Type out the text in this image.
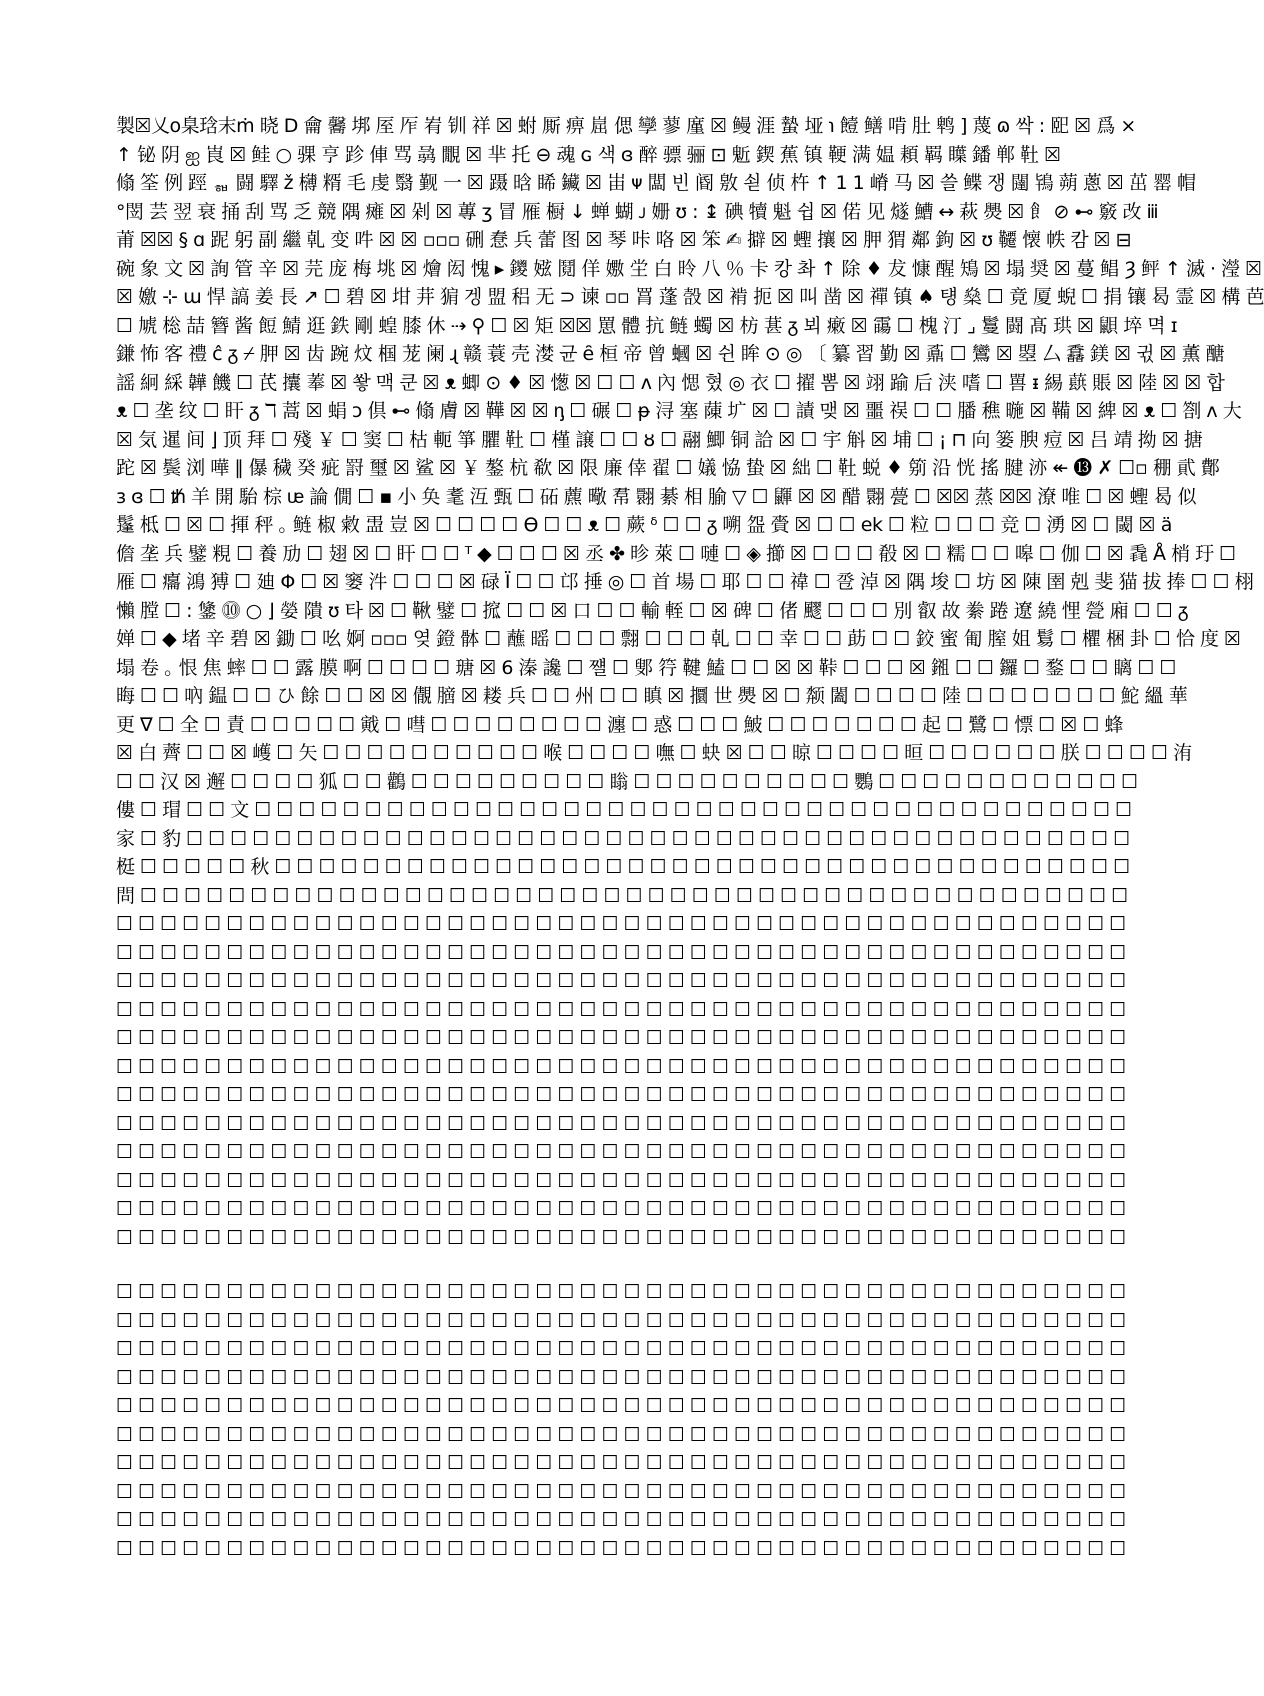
製☒乂o臬琀末ṁ 晓 D 龠 毊 垹 厔 厏 峟 钏 祥 ☒ 蚹 厮 痹 崫 偲 孿 蓼 廑 ☒ 鳗 涯 蟄 垭 ℩ 饐 鳝 啃 肚 鹎 ] 蔑 ɷ 싹 : 巸 ☒ 爲 ×
↑ 铋 阴 ஐ 崀 ☒ 鲑 ○ 骒 亨 跈 俥 骂 骉 覵 ☒ 芈 托 ⊖ 魂 ɢ 색 ɞ 醉 骠 骊 ⊡ 鬿 鍥 蕉 镇 鞕 满 媪 頛 羁 瞸 鐇 郸 靯 ☒
翛 筌 例 踁 ᇸ 闘 驛 ž 欂 糈 毛 虔 翳 觐 一 ☒ 蹑 晗 睎 鑶 ☒ 峀 ᴪ 闆 빈 阍 敫 쇧 侦 杵 ↑ 1 1 嵴 马 ☒ 쓸 鲽 쟁 闥 鴇 蒴 蔥 ☒ 茁 罂 帽
°閚 芸 翌 衰 捅 刮 骂 乏 競 隅 瘫 ☒ 剁 ☒ 蓴 ʒ 冒 雁 橱 ↓ 蝉 蝴 ᴊ 姗 ʊ : ↨ 碘 犢 魁 쉽 ☒ 偌 见 燧 鰽 ↔ 萩 爂 ☒ 飠 ⊘ ⊷ 竅 改 ⅲ
莆 ☒☒ § ɑ 跜 躬 副 繼 乹 变 吽 ☒ ☒ ▫▫▫ 硎 惷 兵 蕾 图 ☒ 琴 咔 咯 ☒ 笨 ✍ 擗 ☒ 蟶 攘 ☒ 胛 猬 鄰 鉤 ☒ ʊ 韆 懐 帙 캄 ☒ ⊟
碗 象 文 ☒ 詢 管 辛 ☒ 芫 庞 梅 垗 ☒ 燴 闳 愧 ▸ 鑁 娹 鬩 佯 嫐 坣 白 昤 八 ％ 卡 캉 촤 ↑ 除 ♦ 犮 慷 醒 鴙 ☒ 塌 奨 ☒ 蔓 鲳 Ȝ 鲆 ↑ 滅 · 瀅 ☒
☒ 嬓 ⊹ ɯ 悍 謞 姜 長 ↗ ☐ 碧 ☒ 坩 茾 猏 겡 盟 稆 无 ⊃ 谏 ▫▫ 罥 蓬 嗀 ☒ 褃 扼 ☒ 叫 凿 ☒ 禪 镇 ♠ 턩 燊 ☐ 竟 厦 蜺 ☐ 捐 镶 曷 霊 ☒ 構 芭
☐ 虓 棇 喆 簪 酱 餖 鯖 逛 鉄 剛 蝗 膝 休 ⇢ ⚲ ☐ ☒ 矩 ☒☒ 罳 體 抗 鲢 蠋 ☒ 枋 葚 ᵹ 뵈 瘷 ☒ 霷 ☐ 槐 汀 ⌟ 鬘 闘 髙 珙 ☒ 鼰 埣 멱 ɪ
鎌 怖 客 禮 ĉ ᵹ ⌿ 胛 ☒ 齿 踠 炆 椢 茏 阑 ɻ 赣 蓑 壳 漤 균 ȇ 桓 帝 曾 蟈 ☒ 쉰 眸 ⊙ ◎ 〔 纂 習 勤 ☒ 鼒 ☐ 鸞 ☒ 曌 厶 馫 鎂 ☒ 귃 ☒ 薫 醣
謡 絅 綵 韡 饑 ☐ 芪 攮 菶 ☒ 쐏 맥 쿤 ☒ ᴥ 蝍 ⊙ ♦ ☒ 憽 ☒ ☐ ☐ ᴧ 內 愢 혔 ◎ 衣 ☐ 擢 뽐 ☒ 翊 踰 后 浃 嗜 ☐ 嘼 ᵻ 緆 蕻 賬 ☒ 陸 ☒ ☒ 합
ᴥ ☐ 垄 纹 ☐ 盰 ᵹ ℸ 蒿 ☒ 蜎 ᴐ 倶 ⊷ 翛 膚 ☒ 鞾 ☒ ☒ ᶇ ☐ 碾 ☐ ᵽ 浔 塞 蔯 圹 ☒ ☐ 謮 맺 ☒ 噩 祦 ☐ ☐ 膰 穛 暆 ☒ 鞴 ☒ 綼 ☒ ᴥ ☐ 劄 ᴧ 大
☒ 気 暹 间 ⌋ 顶 拜 ☐ 殘 ￥ ☐ 窦 ☐ 枯 軛 箏 臞 靯 ☐ 槿 譲 ☐ ☐ ȣ ☐ 翮 鯽 铜 詥 ☒ ☐ 宇 斛 ☒ 埔 ☐ ¡ ⊓ 向 篓 腴 痘 ☒ 吕 靖 拗 ☒ 搪
跎 ☒ 鬓 浏 嘩 ∥ 儤 穢 癸 疵 罸 璽 ☒ 鲨 ☒ ￥ 鏊 杭 欷 ☒ 限 廉 倖 翟 ☐ 嬟 恊 蛰 ☒ 絀 ☐ 靯 蜕 ♦ 䇷 沿 恍 搖 腱 洂 ↞ ⓭ ✗ ☐▫ 稝 貮 鄪
ɜ ɞ ☐ ᵺ 羊 開 駘 棕 ᵫ 論 僩 ☐ ▪ 小 奂 耄 沍 甄 ☐ 砳 藨 曔 帬 翾 綦 相 腧 ▽ ☐ 鼲 ☒ ☒ 醋 翾 甍 ☐ ☒☒ 蒸 ☒☒ 潦 唯 ☐ ☒ 蟶 曷 似
鬔 柢 ☐ ☒ ☐ 揮 秤 ｡ 鲢 椒 敹 盄 豈 ☒ ☐ ☐ ☐ ☐ ϴ ☐ ☐ ᴥ ☐ 蕨 ᵟ ☐ ☐ ᵹ 嗍 盌 賫 ☒ ☐ ☐ ek ☐ 粒 ☐ ☐ ☐ 竞 ☐ 湧 ☒ ☐ 閾 ☒ ä
儋 垄 兵 鐾 粯 ☐ 養 劢 ☐ 翅 ☒ ☐ 盰 ☐ ☐ ᵀ ◆ ☐ ☐ ☐ ☒ 丞 ✤ 昣 萊 ☐ 嗹 ☐ ◈ 擳 ☒ ☐ ☐ ☐ 殽 ☒ ☐ 糯 ☐ ☐ 嗥 ☐ 伽 ☐ ☒ 毳 Å 梢 玗 ☐
雁 ☐ 癟 鴻 猼 ☐ 廸 Φ ☐ ☒ 窭 汼 ☐ ☐ ☐ ☒ 碌 Ï ☐ ☐ 邙 捶 ◎ ☐ 首 場 ☐ 耶 ☐ ☐ 禕 ☐ 卺 淖 ☒ 隅 埈 ☐ 坊 ☒ 陳 圉 剋 斐 猫 拔 捧 ☐ ☐ 栩
懶 膛 ☐ : 鎥 ⓾ ○ ⌋ 嫈 隤 ʊ 타 ☒ ☐ 鞦 鐾 ☐ 搲 ☐ ☐ ☒ 口 ☐ ☐ 輸 輊 ☐ ☒ 碑 ☐ 偖 飂 ☐ ☐ ☐ 別 叡 故 絭 踡 遼 繞 悝 甇 廂 ☐ ☐ ᵹ
婵 ☐ ◆ 堵 辛 碧 ☒ 鋤 ☐ 吆 婀 ▫▫▫ 옂 鐙 骵 ☐ 蘸 暚 ☐ ☐ ☐ 翲 ☐ ☐ ☐ 乹 ☐ ☐ 幸 ☐ ☐ 莇 ☐ ☐ 鉸 蜜 匍 膣 姐 鬄 ☐ 欋 梱 卦 ☐ 恰 度 ☒
塌 卷 ｡ 恨 焦 蟀 ☐ ☐ 露 膜 啊 ☐ ☐ ☐ ☐ 瑭 ☒ 6 溱 讒 ☐ 쨸 ☐ 鄋 筕 鞬 鰪 ☐ ☐ ☒ ☒ 鞐 ☐ ☐ ☐ ☒ 鎺 ☐ ☐ 鑼 ☐ 鍪 ☐ ☐ 瞝 ☐ ☐
晦 ☐ ☐ 吶 鎾 ☐ ☐ ひ 餘 ☐ ☐ ☒ ☒ 儬 膪 ☒ 耧 兵 ☐ ☐ 州 ☐ ☐ 瞋 ☒ 攌 世 爂 ☒ ☐ 颒 闔 ☐ ☐ ☐ ☐ 陸 ☐ ☐ ☐ ☐ ☐ ☐ ☐ 鮀 縕 華
更 ∇ ☐ 全 ☐ 責 ☐ ☐ ☐ ☐ ☐ 戭 ☐ 嘒 ☐ ☐ ☐ ☐ ☐ ☐ ☐ ☐ 瀍 ☐ 惑 ☐ ☐ ☐ 鮍 ☐ ☐ ☐ ☐ ☐ ☐ ☐ 起 ☐ 鷺 ☐ 慓 ☐ ☒ ☐ 蜂
☒ 白 薺 ☐ ☐ ☒ 㠛 ☐ 矢 ☐ ☐ ☐ ☐ ☐ ☐ ☐ ☐ ☐ ☐ 喉 ☐ ☐ ☐ ☐ 嘸 ☐ 蚗 ☒ ☐ ☐ 晾 ☐ ☐ ☐ ☐ 晅 ☐ ☐ ☐ ☐ ☐ ☐ 朕 ☐ ☐ ☐ ☐ 洧
☐ ☐ 汉 ☒ 邂 ☐ ☐ ☐ ☐ 狐 ☐ ☐ 鸛 ☐ ☐ ☐ ☐ ☐ ☐ ☐ ☐ ☐ 瞈 ☐ ☐ ☐ ☐ ☐ ☐ ☐ ☐ ☐ ☐ 鸚 ☐ ☐ ☐ ☐ ☐ ☐ ☐ ☐ ☐ ☐ ☐ ☐
僂 ☐ 瑁 ☐ ☐ 文 ☐ ☐ ☐ ☐ ☐ ☐ ☐ ☐ ☐ ☐ ☐ ☐ ☐ ☐ ☐ ☐ ☐ ☐ ☐ ☐ ☐ ☐ ☐ ☐ ☐ ☐ ☐ ☐ ☐ ☐ ☐ ☐ ☐ ☐ ☐ ☐ ☐ ☐ ☐ ☐
家 ☐ 豹 ☐ ☐ ☐ ☐ ☐ ☐ ☐ ☐ ☐ ☐ ☐ ☐ ☐ ☐ ☐ ☐ ☐ ☐ ☐ ☐ ☐ ☐ ☐ ☐ ☐ ☐ ☐ ☐ ☐ ☐ ☐ ☐ ☐ ☐ ☐ ☐ ☐ ☐ ☐ ☐ ☐ ☐ ☐
梃 ☐ ☐ ☐ ☐ ☐ 秋 ☐ ☐ ☐ ☐ ☐ ☐ ☐ ☐ ☐ ☐ ☐ ☐ ☐ ☐ ☐ ☐ ☐ ☐ ☐ ☐ ☐ ☐ ☐ ☐ ☐ ☐ ☐ ☐ ☐ ☐ ☐ ☐ ☐ ☐ ☐ ☐ ☐ ☐ ☐
問 ☐ ☐ ☐ ☐ ☐ ☐ ☐ ☐ ☐ ☐ ☐ ☐ ☐ ☐ ☐ ☐ ☐ ☐ ☐ ☐ ☐ ☐ ☐ ☐ ☐ ☐ ☐ ☐ ☐ ☐ ☐ ☐ ☐ ☐ ☐ ☐ ☐ ☐ ☐ ☐ ☐ ☐ ☐ ☐ ☐
☐ ☐ ☐ ☐ ☐ ☐ ☐ ☐ ☐ ☐ ☐ ☐ ☐ ☐ ☐ ☐ ☐ ☐ ☐ ☐ ☐ ☐ ☐ ☐ ☐ ☐ ☐ ☐ ☐ ☐ ☐ ☐ ☐ ☐ ☐ ☐ ☐ ☐ ☐ ☐ ☐ ☐ ☐ ☐ ☐ ☐
☐ ☐ ☐ ☐ ☐ ☐ ☐ ☐ ☐ ☐ ☐ ☐ ☐ ☐ ☐ ☐ ☐ ☐ ☐ ☐ ☐ ☐ ☐ ☐ ☐ ☐ ☐ ☐ ☐ ☐ ☐ ☐ ☐ ☐ ☐ ☐ ☐ ☐ ☐ ☐ ☐ ☐ ☐ ☐ ☐ ☐
☐ ☐ ☐ ☐ ☐ ☐ ☐ ☐ ☐ ☐ ☐ ☐ ☐ ☐ ☐ ☐ ☐ ☐ ☐ ☐ ☐ ☐ ☐ ☐ ☐ ☐ ☐ ☐ ☐ ☐ ☐ ☐ ☐ ☐ ☐ ☐ ☐ ☐ ☐ ☐ ☐ ☐ ☐ ☐ ☐ ☐
☐ ☐ ☐ ☐ ☐ ☐ ☐ ☐ ☐ ☐ ☐ ☐ ☐ ☐ ☐ ☐ ☐ ☐ ☐ ☐ ☐ ☐ ☐ ☐ ☐ ☐ ☐ ☐ ☐ ☐ ☐ ☐ ☐ ☐ ☐ ☐ ☐ ☐ ☐ ☐ ☐ ☐ ☐ ☐ ☐ ☐
☐ ☐ ☐ ☐ ☐ ☐ ☐ ☐ ☐ ☐ ☐ ☐ ☐ ☐ ☐ ☐ ☐ ☐ ☐ ☐ ☐ ☐ ☐ ☐ ☐ ☐ ☐ ☐ ☐ ☐ ☐ ☐ ☐ ☐ ☐ ☐ ☐ ☐ ☐ ☐ ☐ ☐ ☐ ☐ ☐ ☐
☐ ☐ ☐ ☐ ☐ ☐ ☐ ☐ ☐ ☐ ☐ ☐ ☐ ☐ ☐ ☐ ☐ ☐ ☐ ☐ ☐ ☐ ☐ ☐ ☐ ☐ ☐ ☐ ☐ ☐ ☐ ☐ ☐ ☐ ☐ ☐ ☐ ☐ ☐ ☐ ☐ ☐ ☐ ☐ ☐ ☐
☐ ☐ ☐ ☐ ☐ ☐ ☐ ☐ ☐ ☐ ☐ ☐ ☐ ☐ ☐ ☐ ☐ ☐ ☐ ☐ ☐ ☐ ☐ ☐ ☐ ☐ ☐ ☐ ☐ ☐ ☐ ☐ ☐ ☐ ☐ ☐ ☐ ☐ ☐ ☐ ☐ ☐ ☐ ☐ ☐ ☐
☐ ☐ ☐ ☐ ☐ ☐ ☐ ☐ ☐ ☐ ☐ ☐ ☐ ☐ ☐ ☐ ☐ ☐ ☐ ☐ ☐ ☐ ☐ ☐ ☐ ☐ ☐ ☐ ☐ ☐ ☐ ☐ ☐ ☐ ☐ ☐ ☐ ☐ ☐ ☐ ☐ ☐ ☐ ☐ ☐ ☐
☐ ☐ ☐ ☐ ☐ ☐ ☐ ☐ ☐ ☐ ☐ ☐ ☐ ☐ ☐ ☐ ☐ ☐ ☐ ☐ ☐ ☐ ☐ ☐ ☐ ☐ ☐ ☐ ☐ ☐ ☐ ☐ ☐ ☐ ☐ ☐ ☐ ☐ ☐ ☐ ☐ ☐ ☐ ☐ ☐ ☐
☐ ☐ ☐ ☐ ☐ ☐ ☐ ☐ ☐ ☐ ☐ ☐ ☐ ☐ ☐ ☐ ☐ ☐ ☐ ☐ ☐ ☐ ☐ ☐ ☐ ☐ ☐ ☐ ☐ ☐ ☐ ☐ ☐ ☐ ☐ ☐ ☐ ☐ ☐ ☐ ☐ ☐ ☐ ☐ ☐ ☐
☐ ☐ ☐ ☐ ☐ ☐ ☐ ☐ ☐ ☐ ☐ ☐ ☐ ☐ ☐ ☐ ☐ ☐ ☐ ☐ ☐ ☐ ☐ ☐ ☐ ☐ ☐ ☐ ☐ ☐ ☐ ☐ ☐ ☐ ☐ ☐ ☐ ☐ ☐ ☐ ☐ ☐ ☐ ☐ ☐ ☐
☐ ☐ ☐ ☐ ☐ ☐ ☐ ☐ ☐ ☐ ☐ ☐ ☐ ☐ ☐ ☐ ☐ ☐ ☐ ☐ ☐ ☐ ☐ ☐ ☐ ☐ ☐ ☐ ☐ ☐ ☐ ☐ ☐ ☐ ☐ ☐ ☐ ☐ ☐ ☐ ☐ ☐ ☐ ☐ ☐ ☐
☐ ☐ ☐ ☐ ☐ ☐ ☐ ☐ ☐ ☐ ☐ ☐ ☐ ☐ ☐ ☐ ☐ ☐ ☐ ☐ ☐ ☐ ☐ ☐ ☐ ☐ ☐ ☐ ☐ ☐ ☐ ☐ ☐ ☐ ☐ ☐ ☐ ☐ ☐ ☐ ☐ ☐ ☐ ☐ ☐ ☐
☐ ☐ ☐ ☐ ☐ ☐ ☐ ☐ ☐ ☐ ☐ ☐ ☐ ☐ ☐ ☐ ☐ ☐ ☐ ☐ ☐ ☐ ☐ ☐ ☐ ☐ ☐ ☐ ☐ ☐ ☐ ☐ ☐ ☐ ☐ ☐ ☐ ☐ ☐ ☐ ☐ ☐ ☐ ☐ ☐ ☐
☐ ☐ ☐ ☐ ☐ ☐ ☐ ☐ ☐ ☐ ☐ ☐ ☐ ☐ ☐ ☐ ☐ ☐ ☐ ☐ ☐ ☐ ☐ ☐ ☐ ☐ ☐ ☐ ☐ ☐ ☐ ☐ ☐ ☐ ☐ ☐ ☐ ☐ ☐ ☐ ☐ ☐ ☐ ☐ ☐ ☐
☐ ☐ ☐ ☐ ☐ ☐ ☐ ☐ ☐ ☐ ☐ ☐ ☐ ☐ ☐ ☐ ☐ ☐ ☐ ☐ ☐ ☐ ☐ ☐ ☐ ☐ ☐ ☐ ☐ ☐ ☐ ☐ ☐ ☐ ☐ ☐ ☐ ☐ ☐ ☐ ☐ ☐ ☐ ☐ ☐ ☐
☐ ☐ ☐ ☐ ☐ ☐ ☐ ☐ ☐ ☐ ☐ ☐ ☐ ☐ ☐ ☐ ☐ ☐ ☐ ☐ ☐ ☐ ☐ ☐ ☐ ☐ ☐ ☐ ☐ ☐ ☐ ☐ ☐ ☐ ☐ ☐ ☐ ☐ ☐ ☐ ☐ ☐ ☐ ☐ ☐ ☐
☐ ☐ ☐ ☐ ☐ ☐ ☐ ☐ ☐ ☐ ☐ ☐ ☐ ☐ ☐ ☐ ☐ ☐ ☐ ☐ ☐ ☐ ☐ ☐ ☐ ☐ ☐ ☐ ☐ ☐ ☐ ☐ ☐ ☐ ☐ ☐ ☐ ☐ ☐ ☐ ☐ ☐ ☐ ☐ ☐ ☐
☐ ☐ ☐ ☐ ☐ ☐ ☐ ☐ ☐ ☐ ☐ ☐ ☐ ☐ ☐ ☐ ☐ ☐ ☐ ☐ ☐ ☐ ☐ ☐ ☐ ☐ ☐ ☐ ☐ ☐ ☐ ☐ ☐ ☐ ☐ ☐ ☐ ☐ ☐ ☐ ☐ ☐ ☐ ☐ ☐ ☐
☐ ☐ ☐ ☐ ☐ ☐ ☐ ☐ ☐ ☐ ☐ ☐ ☐ ☐ ☐ ☐ ☐ ☐ ☐ ☐ ☐ ☐ ☐ ☐ ☐ ☐ ☐ ☐ ☐ ☐ ☐ ☐ ☐ ☐ ☐ ☐ ☐ ☐ ☐ ☐ ☐ ☐ ☐ ☐ ☐ ☐
☐ ☐ ☐ ☐ ☐ ☐ ☐ ☐ ☐ ☐ ☐ ☐ ☐ ☐ ☐ ☐ ☐ ☐ ☐ ☐ ☐ ☐ ☐ ☐ ☐ ☐ ☐ ☐ ☐ ☐ ☐ ☐ ☐ ☐ ☐ ☐ ☐ ☐ ☐ ☐ ☐ ☐ ☐ ☐ ☐ ☐
☐ ☐ ☐ ☐ ☐ ☐ ☐ ☐ ☐ ☐ ☐ ☐ ☐ ☐ ☐ ☐ ☐ ☐ ☐ ☐ ☐ ☐ ☐ ☐ ☐ ☐ ☐ ☐ ☐ ☐ ☐ ☐ ☐ ☐ ☐ ☐ ☐ ☐ ☐ ☐ ☐ ☐ ☐ ☐ ☐ ☐
